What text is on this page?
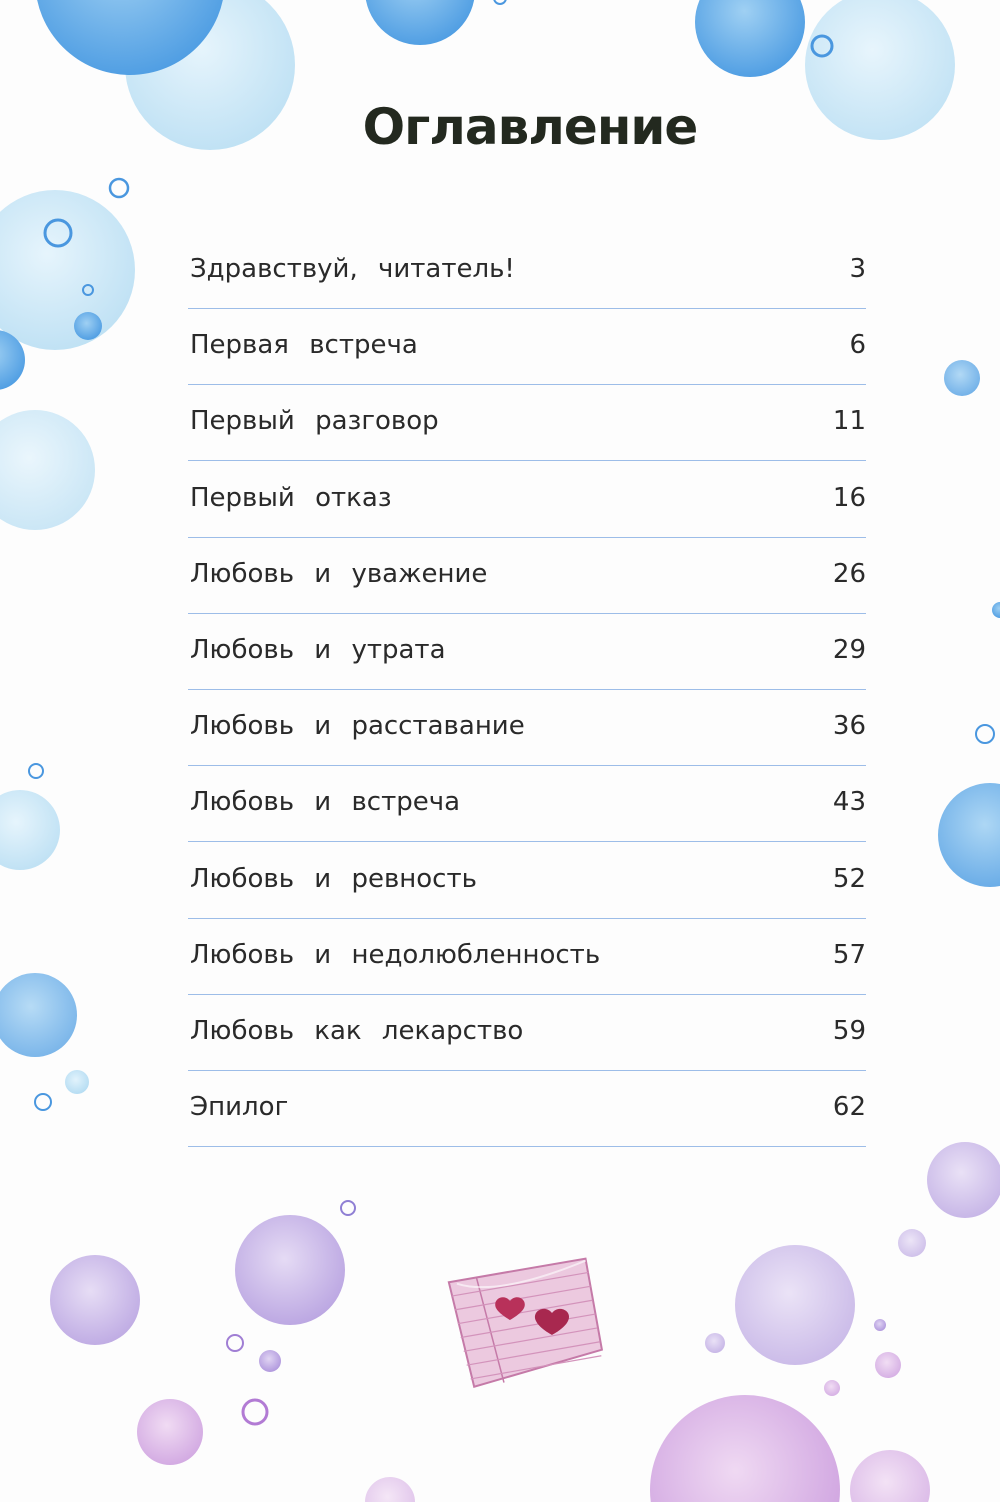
Оглавление
Здравствуй, читатель!	3
Первая встреча	6
Первый разговор	11
Первый отказ	16
Любовь и уважение	26
Любовь и утрата	29
Любовь и расставание	36
Любовь и встреча	43
Любовь и ревность	52
Любовь и недолюбленность	57
Любовь как лекарство	59
Эпилог	62
